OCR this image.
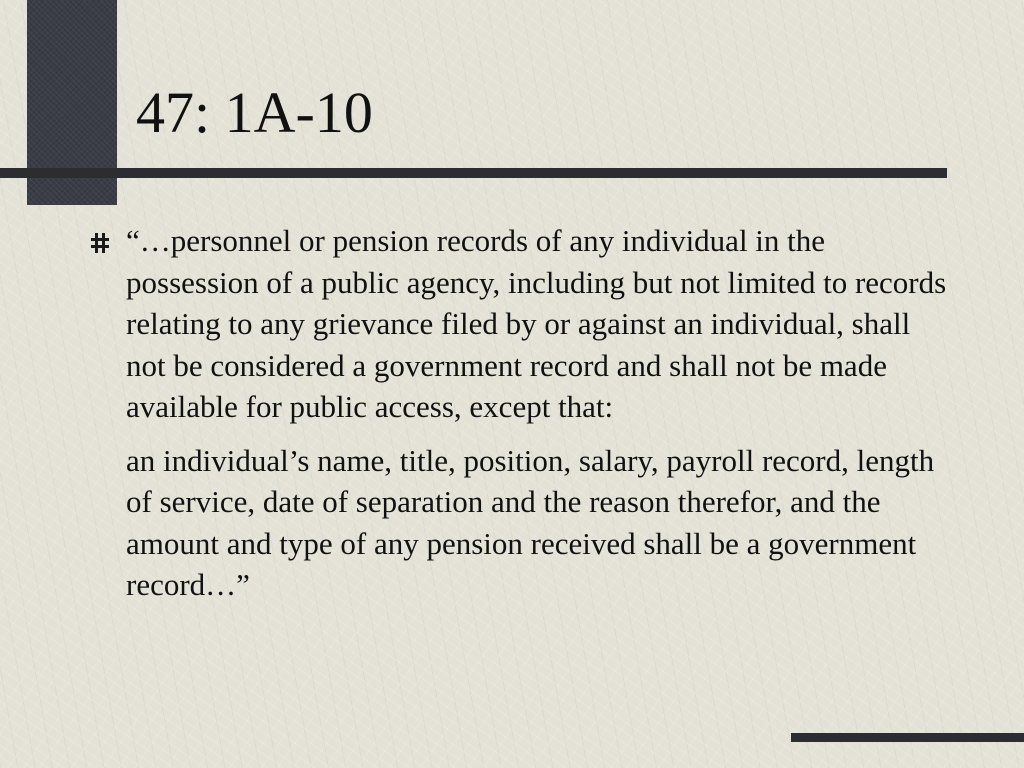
47: 1A-10

“…personnel or pension records of any individual in the possession of a public agency, including but not limited to records relating to any grievance filed by or against an individual, shall not be considered a government record and shall not be made available for public access, except that:

an individual’s name, title, position, salary, payroll record, length of service, date of separation and the reason therefor, and the amount and type of any pension received shall be a government record…”
